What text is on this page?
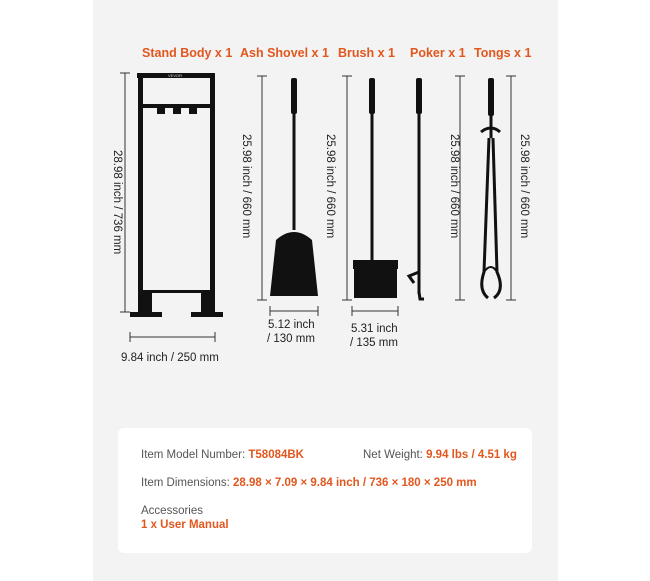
Stand Body x 1 Ash Shovel x 1 Brush x 1 Poker x 1 Tongs x 1
VEVOR
28.98 inch / 736 mm
9.84 inch / 250 mm
25.98 inch / 660 mm	25.98 inch / 660 mm	25.98 inch / 660 mm	25.98 inch / 660 mm
5.12 inch
/ 130 mm
5.31 inch
/ 135 mm
Item Model Number: T58084BK	Net Weight: 9.94 lbs / 4.51 kg
Item Dimensions: 28.98 × 7.09 × 9.84 inch / 736 × 180 × 250 mm
Accessories
1 x User Manual
